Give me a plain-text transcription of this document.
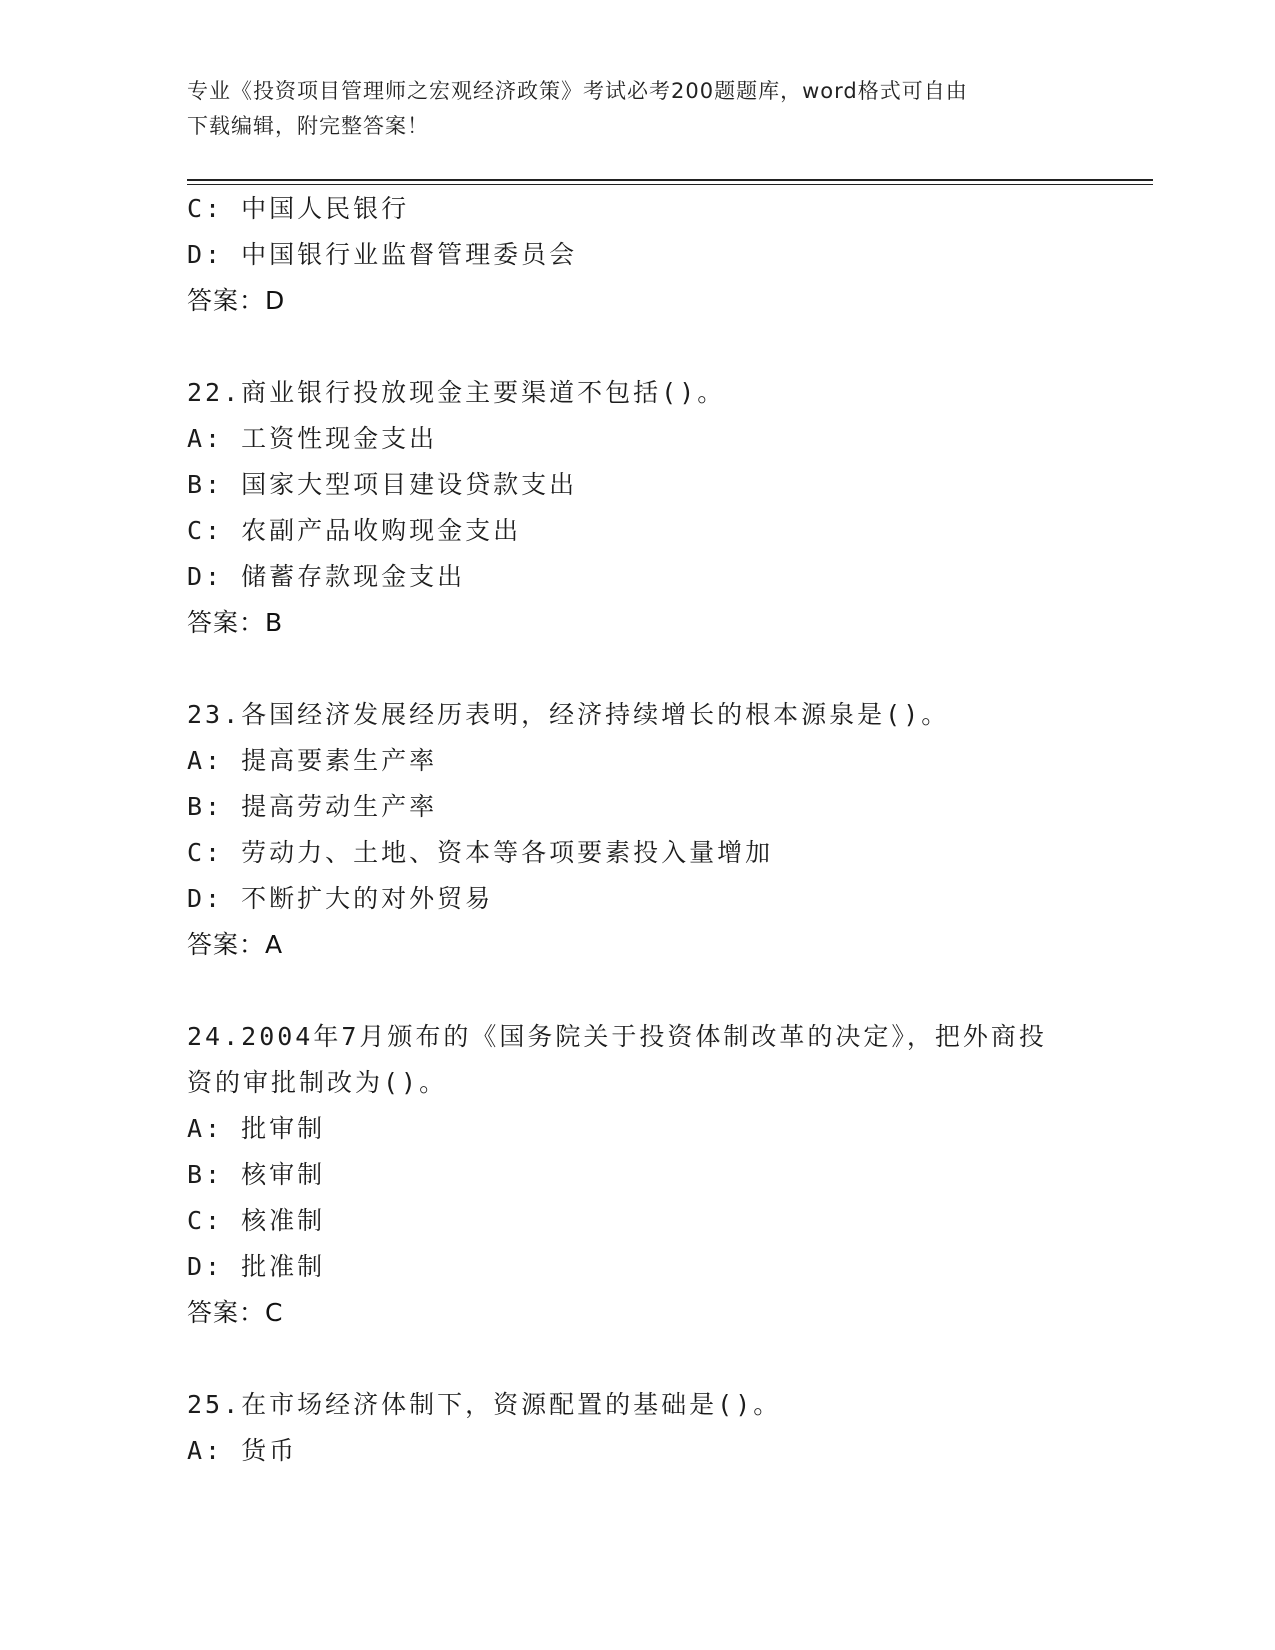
专业《投资项目管理师之宏观经济政策》考试必考200题题库，word格式可自由
下载编辑，附完整答案！
C: 中国人民银行
D: 中国银行业监督管理委员会
答案：D
22.商业银行投放现金主要渠道不包括()。
A: 工资性现金支出
B: 国家大型项目建设贷款支出
C: 农副产品收购现金支出
D: 储蓄存款现金支出
答案：B
23.各国经济发展经历表明，经济持续增长的根本源泉是()。
A: 提高要素生产率
B: 提高劳动生产率
C: 劳动力、土地、资本等各项要素投入量增加
D: 不断扩大的对外贸易
答案：A
24.2004年7月颁布的《国务院关于投资体制改革的决定》，把外商投
资的审批制改为()。
A: 批审制
B: 核审制
C: 核准制
D: 批准制
答案：C
25.在市场经济体制下，资源配置的基础是()。
A: 货币
